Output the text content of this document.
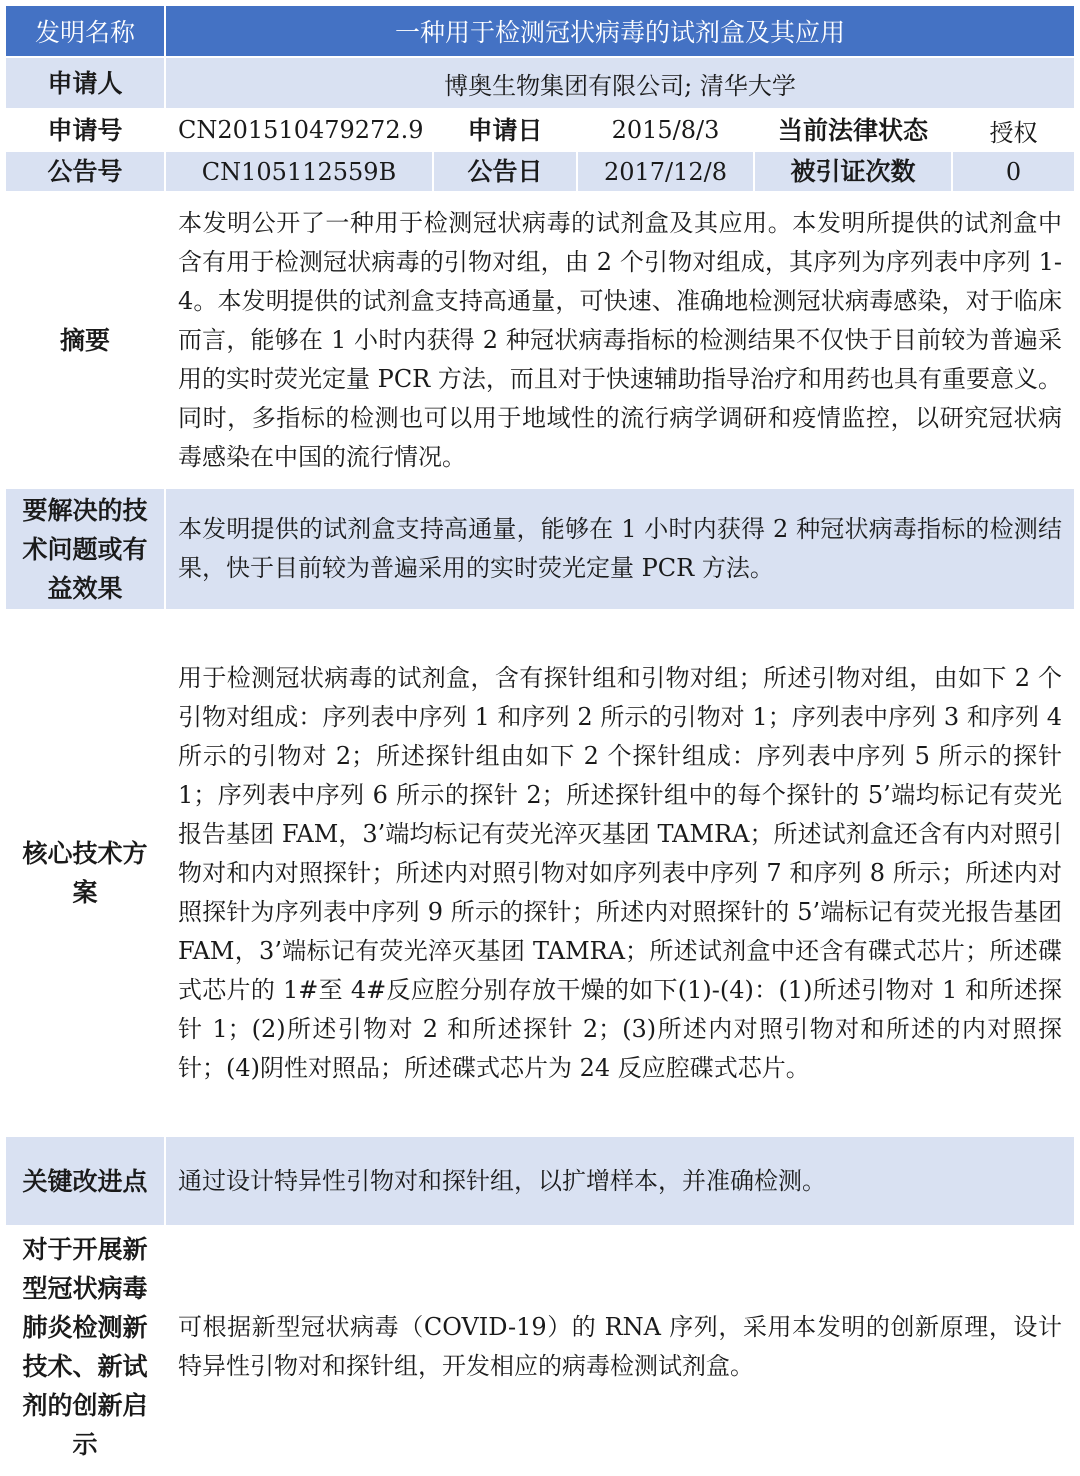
发明名称	一种用于检测冠状病毒的试剂盒及其应用				
申请人	博奥生物集团有限公司; 清华大学				
申请号	CN201510479272.9	申请日	2015/8/3	当前法律状态	授权
公告号	CN105112559B	公告日	2017/12/8	被引证次数	0
摘要	本发明公开了一种用于检测冠状病毒的试剂盒及其应用。本发明所提供的试剂盒中含有用于检测冠状病毒的引物对组，由 2 个引物对组成，其序列为序列表中序列 1- 4。本发明提供的试剂盒支持高通量，可快速、准确地检测冠状病毒感染，对于临床而言，能够在 1 小时内获得 2 种冠状病毒指标的检测结果不仅快于目前较为普遍采用的实时荧光定量 PCR 方法，而且对于快速辅助指导治疗和用药也具有重要意义。同时，多指标的检测也可以用于地域性的流行病学调研和疫情监控，以研究冠状病毒感染在中国的流行情况。				
要解决的技术问题或有益效果	本发明提供的试剂盒支持高通量，能够在 1 小时内获得 2 种冠状病毒指标的检测结果，快于目前较为普遍采用的实时荧光定量 PCR 方法。				
核心技术方案	用于检测冠状病毒的试剂盒，含有探针组和引物对组；所述引物对组，由如下 2 个引物对组成：序列表中序列 1 和序列 2 所示的引物对 1；序列表中序列 3 和序列 4 所示的引物对 2；所述探针组由如下 2 个探针组成：序列表中序列 5 所示的探针 1；序列表中序列 6 所示的探针 2；所述探针组中的每个探针的 5’端均标记有荧光报告基团 FAM，3’端均标记有荧光淬灭基团 TAMRA；所述试剂盒还含有内对照引物对和内对照探针；所述内对照引物对如序列表中序列 7 和序列 8 所示；所述内对照探针为序列表中序列 9 所示的探针；所述内对照探针的 5’端标记有荧光报告基团 FAM，3’端标记有荧光淬灭基团 TAMRA；所述试剂盒中还含有碟式芯片；所述碟式芯片的 1#至 4#反应腔分别存放干燥的如下(1)-(4)：(1)所述引物对 1 和所述探针 1；(2)所述引物对 2 和所述探针 2；(3)所述内对照引物对和所述的内对照探针；(4)阴性对照品；所述碟式芯片为 24 反应腔碟式芯片。				
关键改进点	通过设计特异性引物对和探针组，以扩增样本，并准确检测。				
对于开展新型冠状病毒肺炎检测新技术、新试剂的创新启示	可根据新型冠状病毒（COVID-19）的 RNA 序列，采用本发明的创新原理，设计特异性引物对和探针组，开发相应的病毒检测试剂盒。				
